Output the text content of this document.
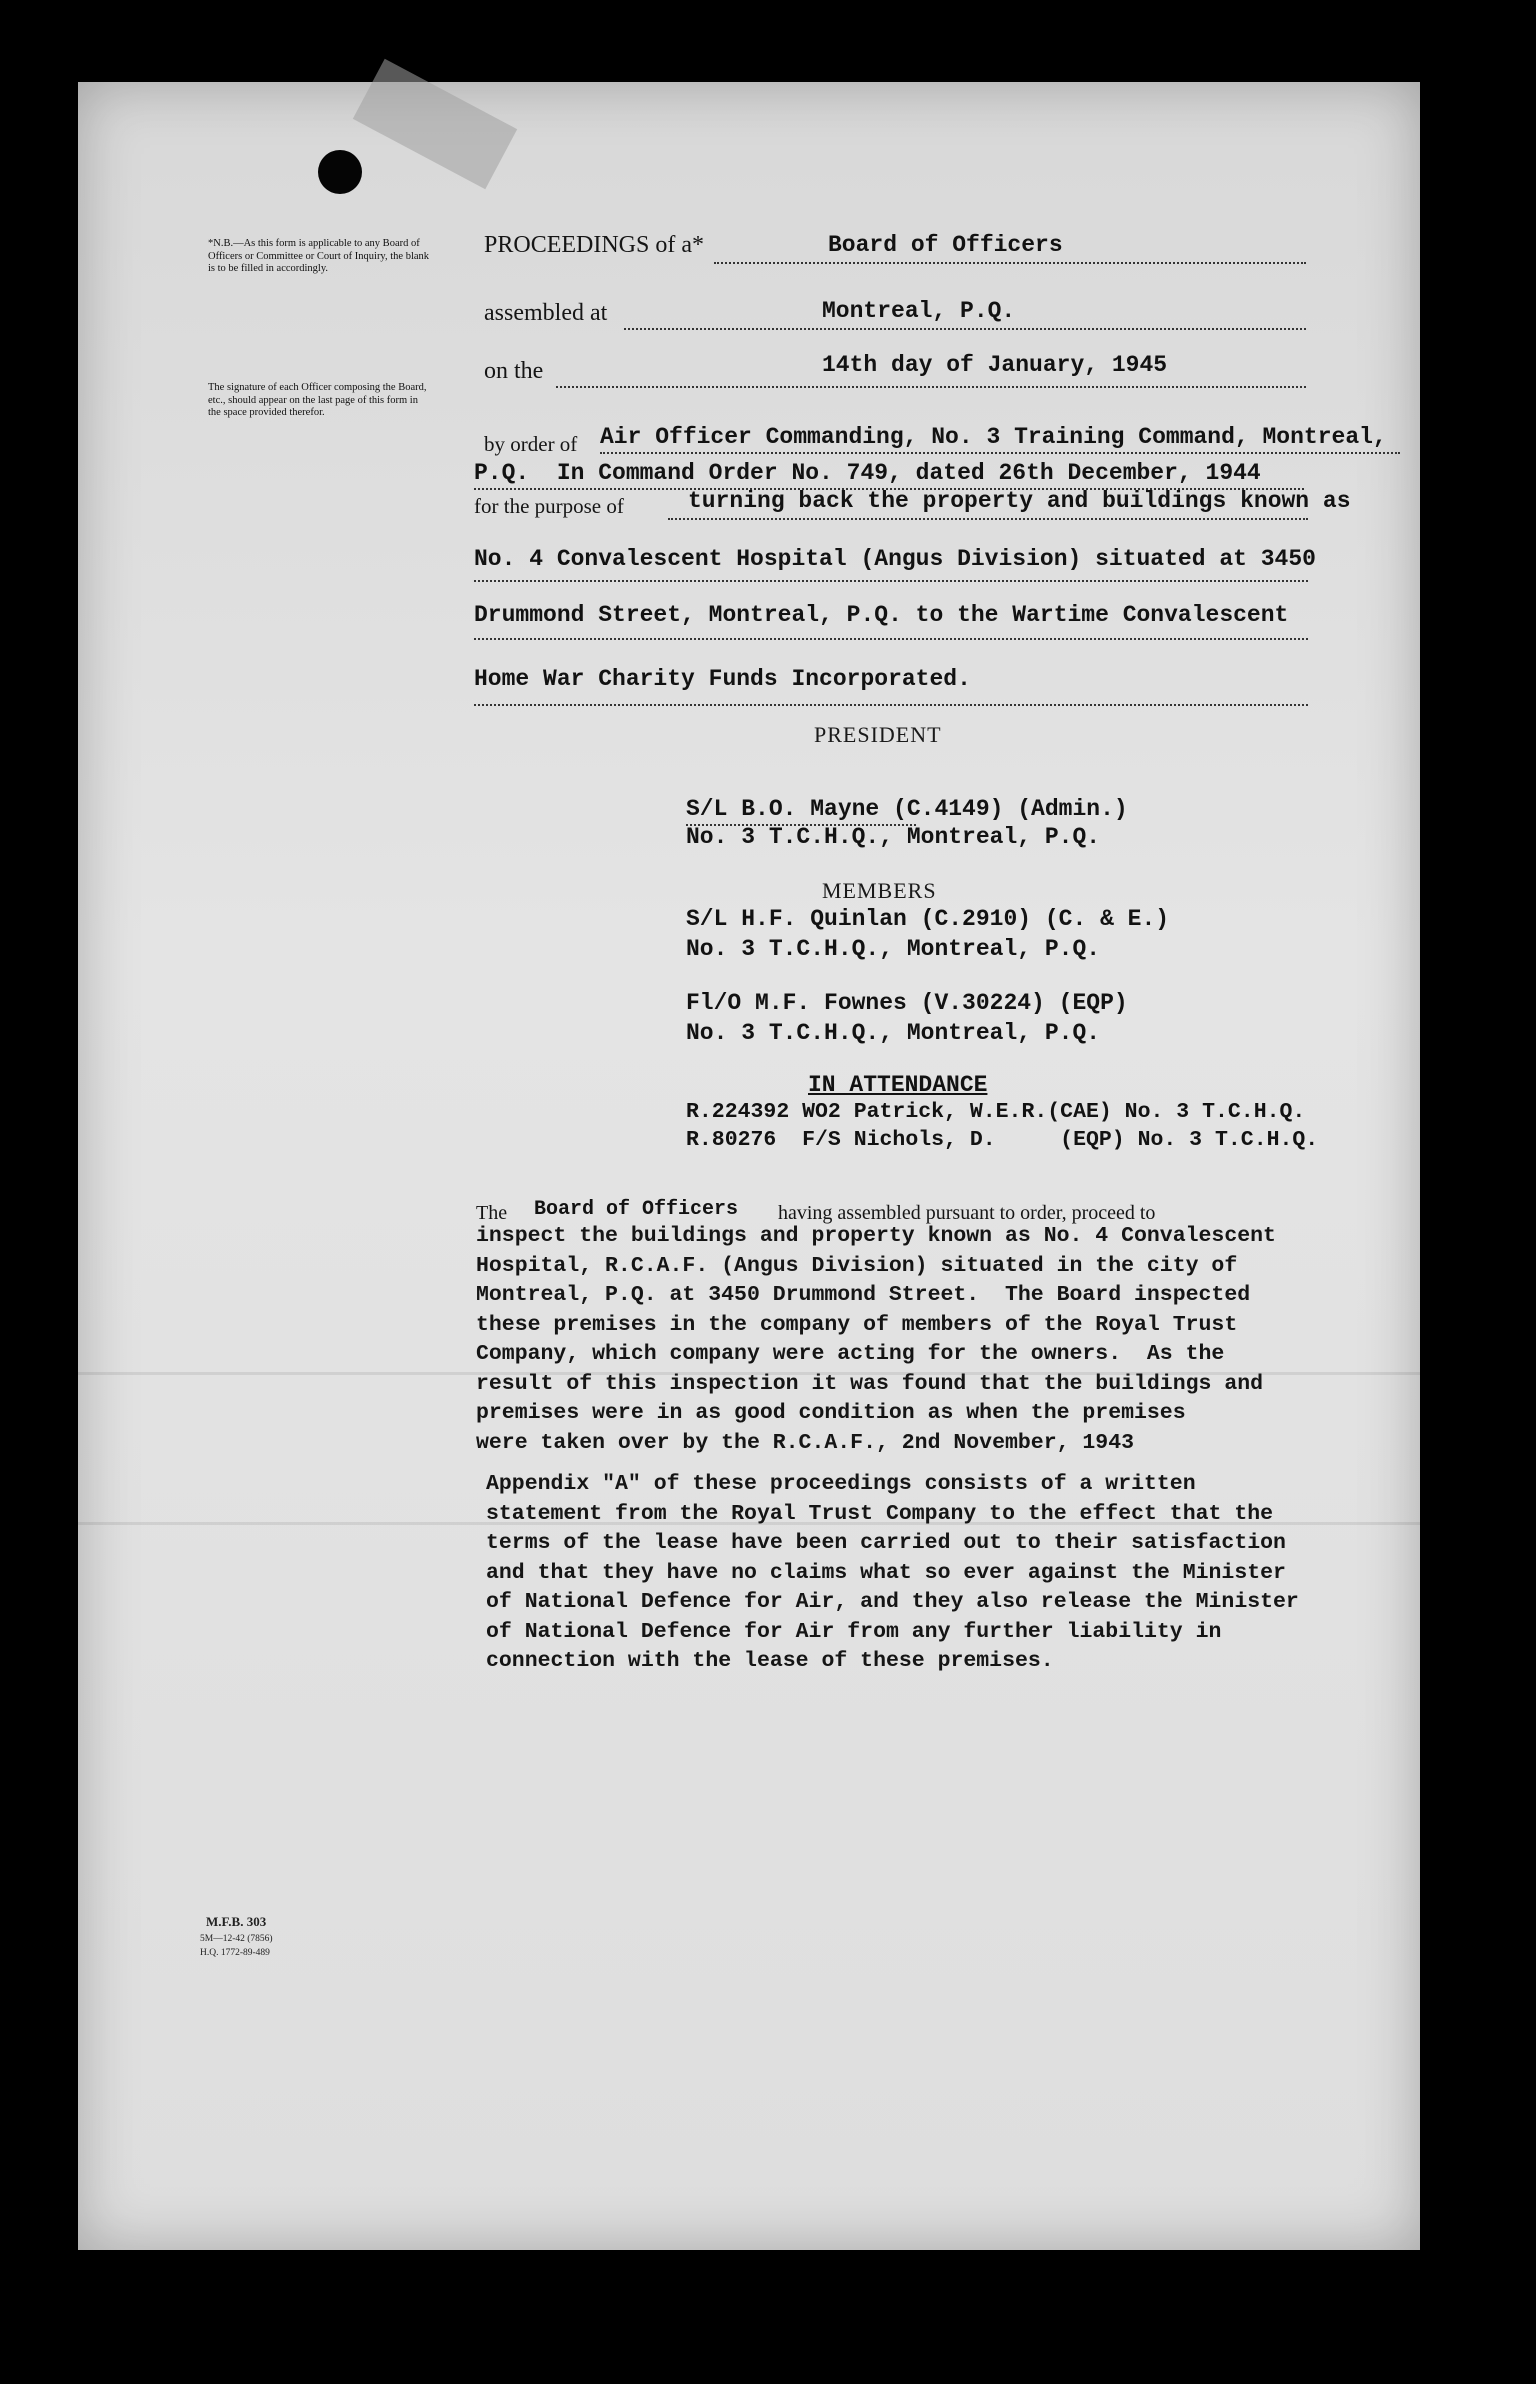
*N.B.—As this form is applicable to any Board of Officers or Committee or Court of Inquiry, the blank is to be filled in accordingly.
The signature of each Officer composing the Board, etc., should appear on the last page of this form in the space provided therefor.
PROCEEDINGS of a*	Board of Officers
assembled at	Montreal, P.Q.
on the	14th day of January, 1945
by order of Air Officer Commanding, No. 3 Training Command, Montreal,
P.Q.  In Command Order No. 749, dated 26th December, 1944
for the purpose of	turning back the property and buildings known as
No. 4 Convalescent Hospital (Angus Division) situated at 3450
Drummond Street, Montreal, P.Q. to the Wartime Convalescent
Home War Charity Funds Incorporated.
PRESIDENT
S/L B.O. Mayne (C.4149) (Admin.)
No. 3 T.C.H.Q., Montreal, P.Q.
MEMBERS
S/L H.F. Quinlan (C.2910) (C. & E.)
No. 3 T.C.H.Q., Montreal, P.Q.
Fl/O M.F. Fownes (V.30224) (EQP)
No. 3 T.C.H.Q., Montreal, P.Q.
IN ATTENDANCE
R.224392 WO2 Patrick, W.E.R.(CAE) No. 3 T.C.H.Q.
R.80276  F/S Nichols, D.     (EQP) No. 3 T.C.H.Q.
The Board of Officers having assembled pursuant to order, proceed to
inspect the buildings and property known as No. 4 Convalescent
Hospital, R.C.A.F. (Angus Division) situated in the city of
Montreal, P.Q. at 3450 Drummond Street.  The Board inspected
these premises in the company of members of the Royal Trust
Company, which company were acting for the owners.  As the
result of this inspection it was found that the buildings and
premises were in as good condition as when the premises
were taken over by the R.C.A.F., 2nd November, 1943
Appendix "A" of these proceedings consists of a written
statement from the Royal Trust Company to the effect that the
terms of the lease have been carried out to their satisfaction
and that they have no claims what so ever against the Minister
of National Defence for Air, and they also release the Minister
of National Defence for Air from any further liability in
connection with the lease of these premises.
M.F.B. 303
5M—12-42 (7856)
H.Q. 1772-89-489
